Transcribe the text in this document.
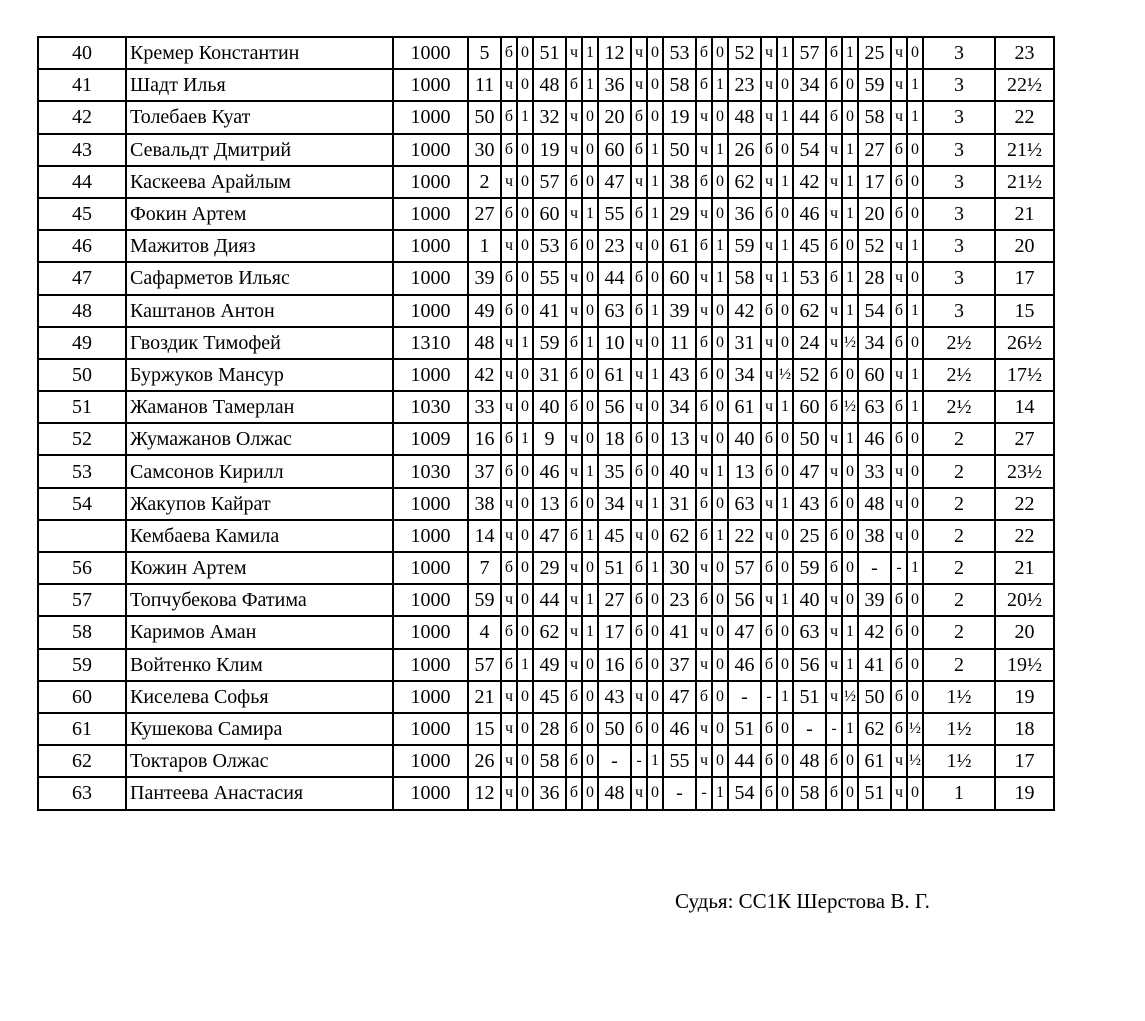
40	Кремер Константин	1000	5	б	0	51	ч	1	12	ч	0	53	б	0	52	ч	1	57	б	1	25	ч	0	3	23
41	Шадт Илья	1000	11	ч	0	48	б	1	36	ч	0	58	б	1	23	ч	0	34	б	0	59	ч	1	3	22½
42	Толебаев Куат	1000	50	б	1	32	ч	0	20	б	0	19	ч	0	48	ч	1	44	б	0	58	ч	1	3	22
43	Севальдт Дмитрий	1000	30	б	0	19	ч	0	60	б	1	50	ч	1	26	б	0	54	ч	1	27	б	0	3	21½
44	Каскеева Арайлым	1000	2	ч	0	57	б	0	47	ч	1	38	б	0	62	ч	1	42	ч	1	17	б	0	3	21½
45	Фокин Артем	1000	27	б	0	60	ч	1	55	б	1	29	ч	0	36	б	0	46	ч	1	20	б	0	3	21
46	Мажитов Дияз	1000	1	ч	0	53	б	0	23	ч	0	61	б	1	59	ч	1	45	б	0	52	ч	1	3	20
47	Сафарметов Ильяс	1000	39	б	0	55	ч	0	44	б	0	60	ч	1	58	ч	1	53	б	1	28	ч	0	3	17
48	Каштанов Антон	1000	49	б	0	41	ч	0	63	б	1	39	ч	0	42	б	0	62	ч	1	54	б	1	3	15
49	Гвоздик Тимофей	1310	48	ч	1	59	б	1	10	ч	0	11	б	0	31	ч	0	24	ч	½	34	б	0	2½	26½
50	Буржуков Мансур	1000	42	ч	0	31	б	0	61	ч	1	43	б	0	34	ч	½	52	б	0	60	ч	1	2½	17½
51	Жаманов Тамерлан	1030	33	ч	0	40	б	0	56	ч	0	34	б	0	61	ч	1	60	б	½	63	б	1	2½	14
52	Жумажанов Олжас	1009	16	б	1	9	ч	0	18	б	0	13	ч	0	40	б	0	50	ч	1	46	б	0	2	27
53	Самсонов Кирилл	1030	37	б	0	46	ч	1	35	б	0	40	ч	1	13	б	0	47	ч	0	33	ч	0	2	23½
54	Жакупов Кайрат	1000	38	ч	0	13	б	0	34	ч	1	31	б	0	63	ч	1	43	б	0	48	ч	0	2	22
	Кембаева Камила	1000	14	ч	0	47	б	1	45	ч	0	62	б	1	22	ч	0	25	б	0	38	ч	0	2	22
56	Кожин Артем	1000	7	б	0	29	ч	0	51	б	1	30	ч	0	57	б	0	59	б	0	-	-	1	2	21
57	Топчубекова Фатима	1000	59	ч	0	44	ч	1	27	б	0	23	б	0	56	ч	1	40	ч	0	39	б	0	2	20½
58	Каримов Аман	1000	4	б	0	62	ч	1	17	б	0	41	ч	0	47	б	0	63	ч	1	42	б	0	2	20
59	Войтенко Клим	1000	57	б	1	49	ч	0	16	б	0	37	ч	0	46	б	0	56	ч	1	41	б	0	2	19½
60	Киселева Софья	1000	21	ч	0	45	б	0	43	ч	0	47	б	0	-	-	1	51	ч	½	50	б	0	1½	19
61	Кушекова Самира	1000	15	ч	0	28	б	0	50	б	0	46	ч	0	51	б	0	-	-	1	62	б	½	1½	18
62	Токтаров Олжас	1000	26	ч	0	58	б	0	-	-	1	55	ч	0	44	б	0	48	б	0	61	ч	½	1½	17
63	Пантеева Анастасия	1000	12	ч	0	36	б	0	48	ч	0	-	-	1	54	б	0	58	б	0	51	ч	0	1	19
Судья: СС1К Шерстова В. Г.
